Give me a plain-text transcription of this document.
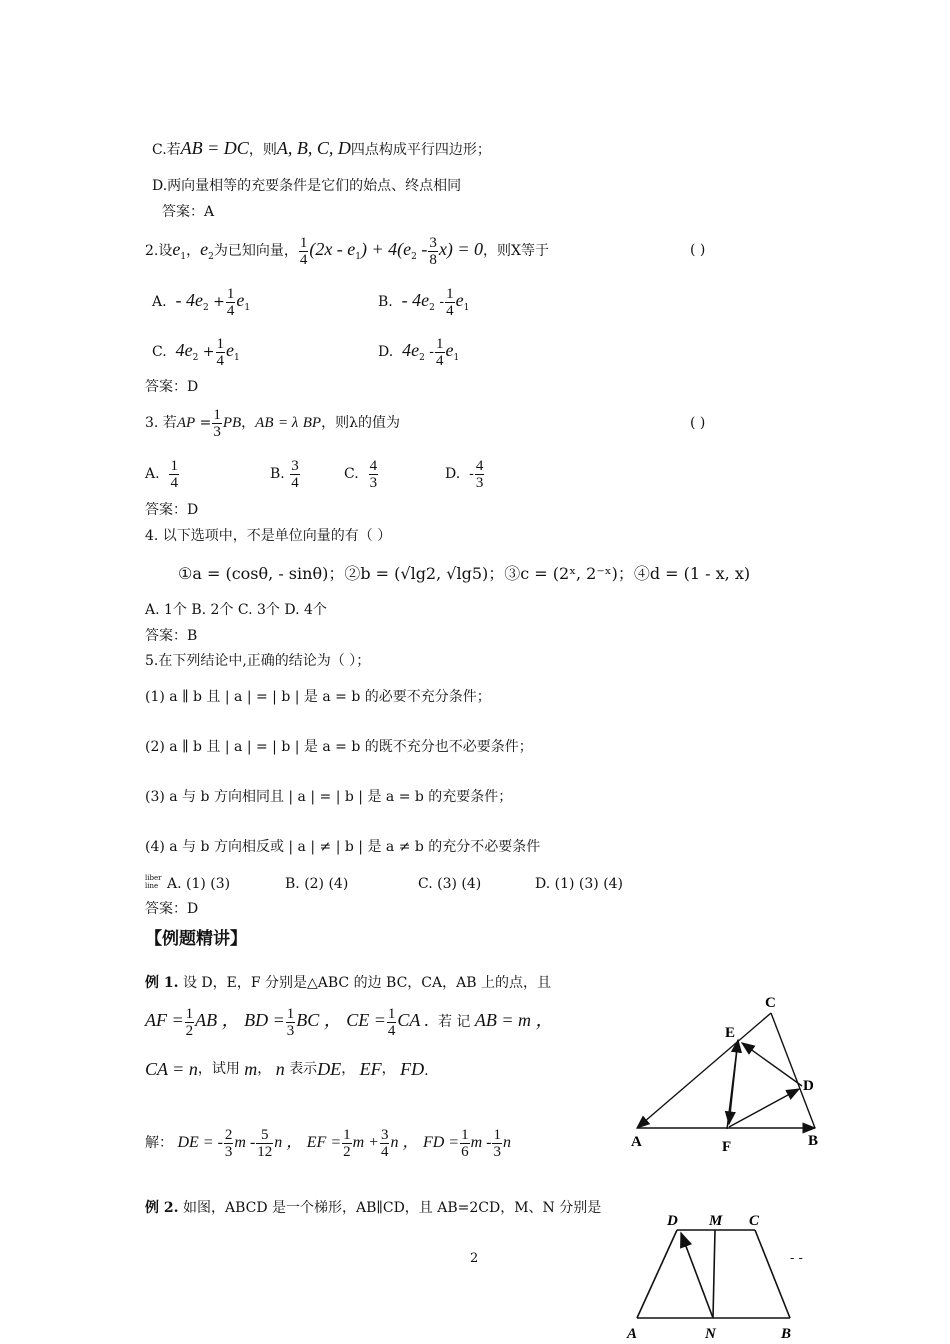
C.若AB = DC，则A, B, C, D四点构成平行四边形；
D.两向量相等的充要条件是它们的始点、终点相同
答案：A
2.设$e_1$，$e_2$为已知向量， $\frac{1}{4} (2x - e_1) + 4(e_2 - \frac{3}{8} x) = 0$，则X等于	( )
A. - $4e_2 + \frac{1}{4} e_1$	B. - $4e_2 - \frac{1}{4} e_1$
C. $4e_2 + \frac{1}{4} e_1$	D. $4e_2 - \frac{1}{4} e_1$
答案：D
3. 若AP = $\frac{1}{3}$ PB，AB = λ BP，则λ的值为	( )
A. $\frac{1}{4}$	B. $\frac{3}{4}$	C. $\frac{4}{3}$	D. - $\frac{4}{3}$
答案：D
4. 以下选项中，不是单位向量的有（ ）
①a = (cosθ, - sinθ)；②b = (√lg2, √lg5)；③c = (2ˣ, 2⁻ˣ)；④d = (1 - x, x)
A. 1个 B. 2个 C. 3个 D. 4个
答案：B
5.在下列结论中,正确的结论为（ ）；
(1) a ∥ b 且 | a | = | b | 是 a = b 的必要不充分条件；
(2) a ∥ b 且 | a | = | b | 是 a = b 的既不充分也不必要条件；
(3) a 与 b 方向相同且 | a | = | b | 是 a = b 的充要条件；
(4) a 与 b 方向相反或 | a | ≠ | b | 是 a ≠ b 的充分不必要条件
liber
line A. (1) (3)	B. (2) (4)	C. (3) (4)	D. (1) (3) (4)
答案：D
【例题精讲】
例 1. 设 D，E，F 分别是△ABC 的边 BC，CA，AB 上的点，且
AF = $\frac{1}{2}$ AB ， BD = $\frac{1}{3}$ BC ， CE = $\frac{1}{4}$ CA . 若 记 AB = m ，
CA = n，试用 m， n 表示DE， EF， FD.
解： DE = - $\frac{2}{3}$ m - $\frac{5}{12}$ n ， EF = $\frac{1}{2}$ $m + \frac{3}{4}$ n ， FD = $\frac{1}{6}$ m - $\frac{1}{3}$ n
例 2. 如图，ABCD 是一个梯形，AB∥CD，且 AB=2CD，M、N 分别是
2	- -
C
E
D
A	F	B
D M C
A	N	B
